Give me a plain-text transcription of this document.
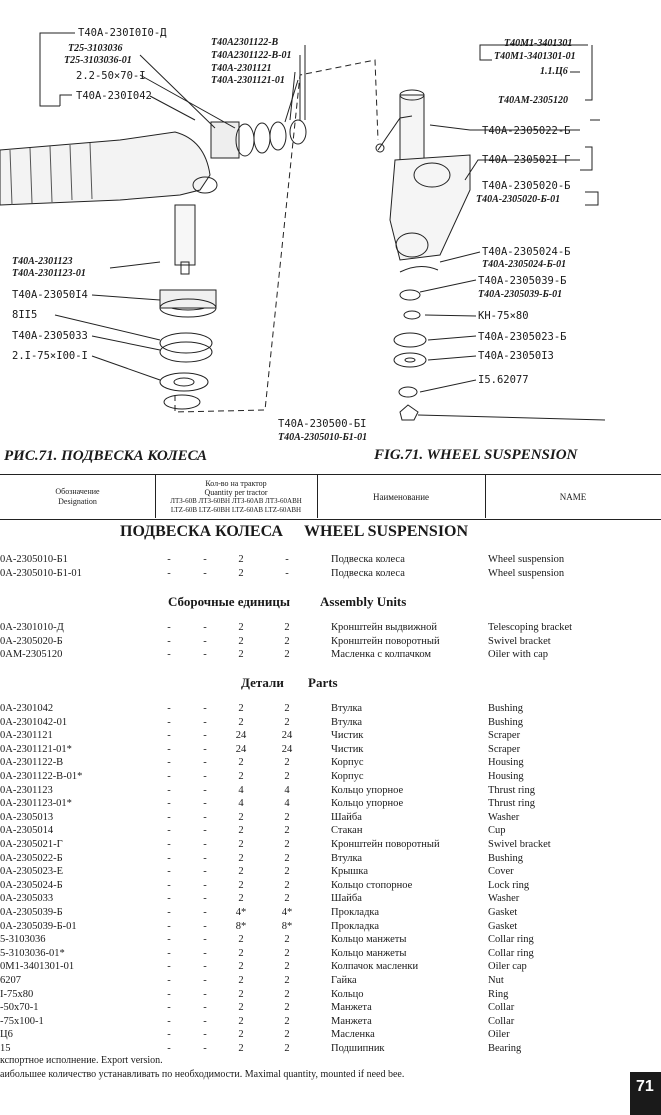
T40A-230I0I0-Д
T25-3103036
T25-3103036-01
2.2-50×70-I
T40A-230I042
T40A2301122-B
T40A2301122-B-01
T40A-2301121
T40A-2301121-01
T40A-2301123
T40A-2301123-01
T40A-23050I4
8II5
T40A-2305033
2.I-75×I00-I
T40A-230500-БI
T40A-2305010-Б1-01
T40M1-3401301
T40M1-3401301-01
1.1.Ц6
T40AM-2305120
T40A-2305022-Б
T40A-230502I-Г
T40A-2305020-Б
T40A-2305020-Б-01
T40A-2305024-Б
T40A-2305024-Б-01
T40A-2305039-Б
T40A-2305039-Б-01
KH-75×80
T40A-2305023-Б
T40A-23050I3
I5.62077
РИС.71. ПОДВЕСКА КОЛЕСА	FIG.71. WHEEL SUSPENSION
Обозначение
Designation
Кол-во на трактор
Quantity per tractor
ЛТЗ-60В ЛТЗ-60ВН ЛТЗ-60АВ ЛТЗ-60АВН
LTZ-60B LTZ-60BH LTZ-60AB LTZ-60ABH
Наименование	NAME
ПОДВЕСКА КОЛЕСА WHEEL SUSPENSION
0A-2305010-Б1	-	-	2	-	Подвеска колеса	Wheel suspension
0A-2305010-Б1-01	-	-	2	-	Подвеска колеса	Wheel suspension
Сборочные единицы Assembly Units
0A-2301010-Д	-	-	2	2	Кронштейн выдвижной	Telescoping bracket
0A-2305020-Б	-	-	2	2	Кронштейн поворотный	Swivel bracket
0AM-2305120	-	-	2	2	Масленка с колпачком	Oiler with cap
Детали Parts
0A-2301042	-	-	2	2	Втулка	Bushing
0A-2301042-01	-	-	2	2	Втулка	Bushing
0A-2301121	-	-	24	24	Чистик	Scraper
0A-2301121-01*	-	-	24	24	Чистик	Scraper
0A-2301122-В	-	-	2	2	Корпус	Housing
0A-2301122-В-01*	-	-	2	2	Корпус	Housing
0A-2301123	-	-	4	4	Кольцо упорное	Thrust ring
0A-2301123-01*	-	-	4	4	Кольцо упорное	Thrust ring
0A-2305013	-	-	2	2	Шайба	Washer
0A-2305014	-	-	2	2	Стакан	Cup
0A-2305021-Г	-	-	2	2	Кронштейн поворотный	Swivel bracket
0A-2305022-Б	-	-	2	2	Втулка	Bushing
0A-2305023-Е	-	-	2	2	Крышка	Cover
0A-2305024-Б	-	-	2	2	Кольцо стопорное	Lock ring
0A-2305033	-	-	2	2	Шайба	Washer
0A-2305039-Б	-	-	4*	4*	Прокладка	Gasket
0A-2305039-Б-01	-	-	8*	8*	Прокладка	Gasket
5-3103036	-	-	2	2	Кольцо манжеты	Collar ring
5-3103036-01*	-	-	2	2	Кольцо манжеты	Collar ring
0M1-3401301-01	-	-	2	2	Колпачок масленки	Oiler cap
6207	-	-	2	2	Гайка	Nut
I-75x80	-	-	2	2	Кольцо	Ring
-50x70-1	-	-	2	2	Манжета	Collar
-75x100-1	-	-	2	2	Манжета	Collar
Ц6	-	-	2	2	Масленка	Oiler
15	-	-	2	2	Подшипник	Bearing
кспортное исполнение. Export version.
аибольшее количество устанавливать по необходимости. Maximal quantity, mounted if need bee.
71
